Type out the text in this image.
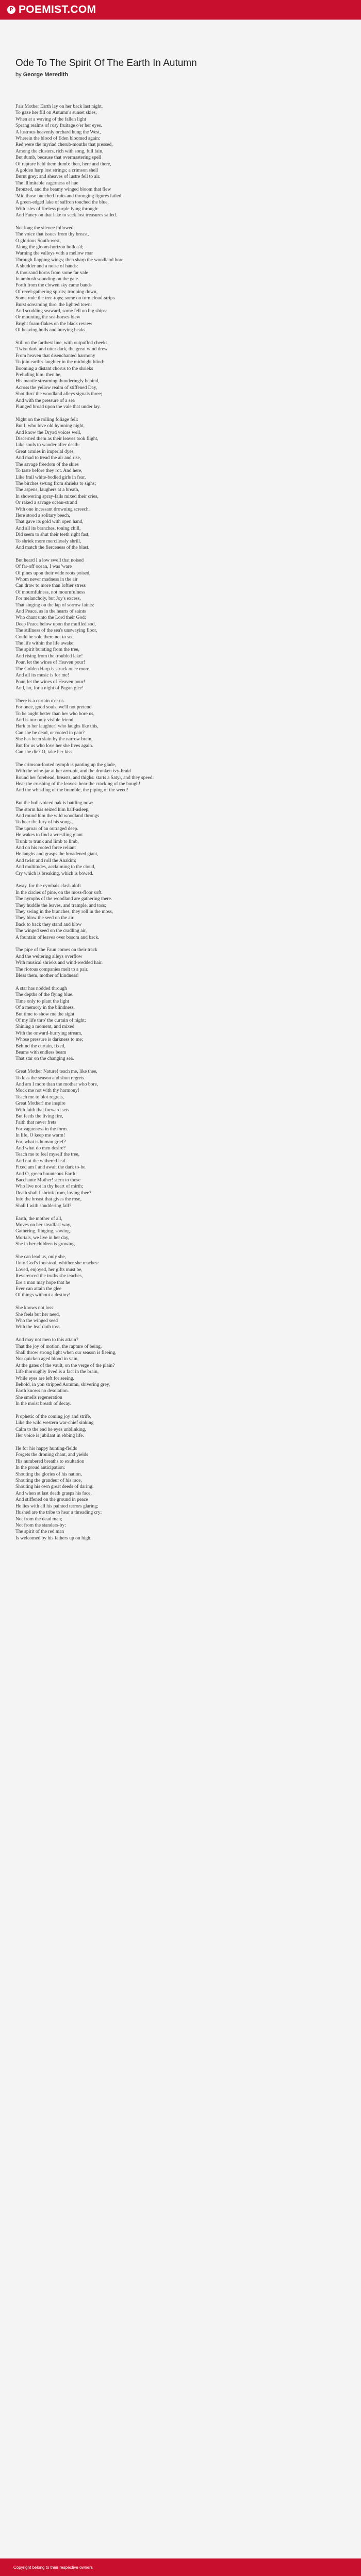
P POEMIST.COM
Ode To The Spirit Of The Earth In Autumn
by George Meredith
Fair Mother Earth lay on her back last night,
To gaze her fill on Autumn's sunset skies,
When at a waving of the fallen light
Sprang realms of rosy fruitage o'er her eyes.
A lustrous heavenly orchard hung the West,
Wherein the blood of Eden bloomed again:
Red were the myriad cherub-mouths that pressed,
Among the clusters, rich with song, full fain,
But dumb, because that overmastering spell
Of rapture held them dumb: then, here and there,
A golden harp lost strings; a crimson shell
Burnt grey; and sheaves of lustre fell to air.
The illimitable eagerness of hue
Bronzed, and the beamy winged bloom that flew
'Mid those bunched fruits and thronging figures failed.
A green-edged lake of saffron touched the blue,
With isles of fireless purple lying through:
And Fancy on that lake to seek lost treasures sailed.
Not long the silence followed:
The voice that issues from thy breast,
O glorious South-west,
Along the gloom-horizon holloa'd;
Warning the valleys with a mellow roar
Through flapping wings; then sharp the woodland bore
A shudder and a noise of hands:
A thousand horns from some far vale
In ambush sounding on the gale.
Forth from the clowen sky came bands
Of revel-gathering spirits; trooping down,
Some rode the tree-tops; some on torn cloud-strips
Burst screaming thro' the lighted town:
And scudding seaward, some fell on big ships:
Or mounting the sea-horses blew
Bright foam-flakes on the black review
Of heaving hulls and burying beaks.
Still on the farthest line, with outpuffed cheeks,
'Twixt dark and utter dark, the great wind drew
From heaven that disenchanted harmony
To join earth's laughter in the midnight blind:
Booming a distant chorus to the shrieks
Preluding him: then he,
His mantle streaming thunderingly behind,
Across the yellow realm of stiffened Day,
Shot thro' the woodland alleys signals three;
And with the pressure of a sea
Plunged broad upon the vale that under lay.
Night on the rolling foliage fell:
But I, who love old hymning night,
And know the Dryad voices well,
Discerned them as their leaves took flight,
Like souls to wander after death:
Great armies in imperial dyes,
And mad to tread the air and rise,
The savage freedom of the skies
To taste before they rot. And here,
Like frail white-bodied girls in fear,
The birches swung from shrieks to sighs;
The aspens, laughers at a breath,
In showering spray-falls mixed their cries,
Or raked a savage ocean-strand
With one incessant drowning screech.
Here stood a solitary beech,
That gave its gold with open hand,
And all its branches, toning chill,
Did seem to shut their teeth right fast,
To shriek more mercilessly shrill,
And match the fierceness of the blast.
But heard I a low swell that noised
Of far-off ocean, I was 'ware
Of pines upon their wide roots poised,
Whom never madness in the air
Can draw to more than loftier stress
Of mournfulness, not mournfulness
For melancholy, but Joy's excess,
That singing on the lap of sorrow faints:
And Peace, as in the hearts of saints
Who chant unto the Lord their God;
Deep Peace below upon the muffled sod,
The stillness of the sea's unswaying floor,
Could be sole there not to see
The life within the life awake;
The spirit bursting from the tree,
And rising from the troubled lake!
Pour, let the wines of Heaven pour!
The Golden Harp is struck once more,
And all its music is for me!
Pour, let the wines of Heaven pour!
And, ho, for a night of Pagan glee!
There is a curtain o'er us.
For once, good souls, we'll not pretend
To be aught better than her who bore us,
And is our only visible friend.
Hark to her laughter! who laughs like this,
Can she be dead, or rooted in pain?
She has been slain by the narrow brain,
But for us who love her she lives again.
Can she die? O, take her kiss!
The crimson-footed nymph is panting up the glade,
With the wine-jar at her arm-pit, and the drunken ivy-braid
Round her forehead, breasts, and thighs: starts a Satyr, and they speed:
Hear the crushing of the leaves: hear the cracking of the bough!
And the whistling of the bramble, the piping of the weed!
But the bull-voiced oak is battling now:
The storm has seized him half-asleep,
And round him the wild woodland throngs
To hear the fury of his songs,
The uproar of an outraged deep.
He wakes to find a wrestling giant
Trunk to trunk and limb to limb,
And on his rooted force reliant
He laughs and grasps the broadened giant,
And twist and roll the Anakim;
And multitudes, acclaiming to the cloud,
Cry which is breaking, which is bowed.
Away, for the cymbals clash aloft
In the circles of pine, on the moss-floor soft.
The nymphs of the woodland are gathering there.
They huddle the leaves, and trample, and toss;
They swing in the branches, they roll in the moss,
They blow the seed on the air.
Back to back they stand and blow
The winged seed on the cradling air,
A fountain of leaves over bosom and back.
The pipe of the Faun comes on their track
And the weltering alleys overflow
With musical shrieks and wind-wedded hair.
The riotous companies melt to a pair.
Bless them, mother of kindness!
A star has nodded through
The depths of the flying blue.
Time only to plant the light
Of a memory in the blindness.
But time to show me the sight
Of my life thro' the curtain of night;
Shining a moment, and mixed
With the onward-hurrying stream,
Whose pressure is darkness to me;
Behind the curtain, fixed,
Beams with endless beam
That star on the changing sea.
Great Mother Nature! teach me, like thee,
To kiss the season and shun regrets.
And am I more than the mother who bore,
Mock me not with thy harmony!
Teach me to blot regrets,
Great Mother! me inspire
With faith that forward sets
But feeds the living fire,
Faith that never frets
For vagueness in the form.
In life, O keep me warm!
For, what is human grief?
And what do men desire?
Teach me to feel myself the tree,
And not the withered leaf.
Fixed am I and await the dark to-be.
And O, green bounteous Earth!
Bacchante Mother! stern to those
Who live not in thy heart of mirth;
Death shall I shrink from, loving thee?
Into the breast that gives the rose,
Shall I with shuddering fall?
Earth, the mother of all,
Moves on her steadfast way,
Gathering, flinging, sowing.
Mortals, we live in her day,
She in her children is growing.
She can lead us, only she,
Unto God's footstool, whither she reaches:
Loved, enjoyed, her gifts must be,
Reverenced the truths she teaches,
Ere a man may hope that he
Ever can attain the glee
Of things without a destiny!
She knows not loss:
She feels but her need,
Who the winged seed
With the leaf doth toss.
And may not men to this attain?
That the joy of motion, the rapture of being,
Shall throw strong light when our season is fleeing,
Nor quicken aged blood in vain,
At the gates of the vault, on the verge of the plain?
Life thoroughly lived is a fact in the brain,
While eyes are left for seeing.
Behold, in yon stripped Autumn, shivering grey,
Earth knows no desolation.
She smells regeneration
In the moist breath of decay.
Prophetic of the coming joy and strife,
Like the wild western war-chief sinking
Calm to the end he eyes unblinking,
Her voice is jubilant in ebbing life.
He for his happy hunting-fields
Forgets the droning chant, and yields
His numbered breaths to exultation
In the proud anticipation:
Shouting the glories of his nation,
Shouting the grandeur of his race,
Shouting his own great deeds of daring:
And when at last death grasps his face,
And stiffened on the ground in peace
He lies with all his painted terrors glaring;
Hushed are the tribe to hear a threading cry:
Not from the dead man;
Not from the standers-by:
The spirit of the red man
Is welcomed by his fathers up on high.
Copyright belong to their respective owners
